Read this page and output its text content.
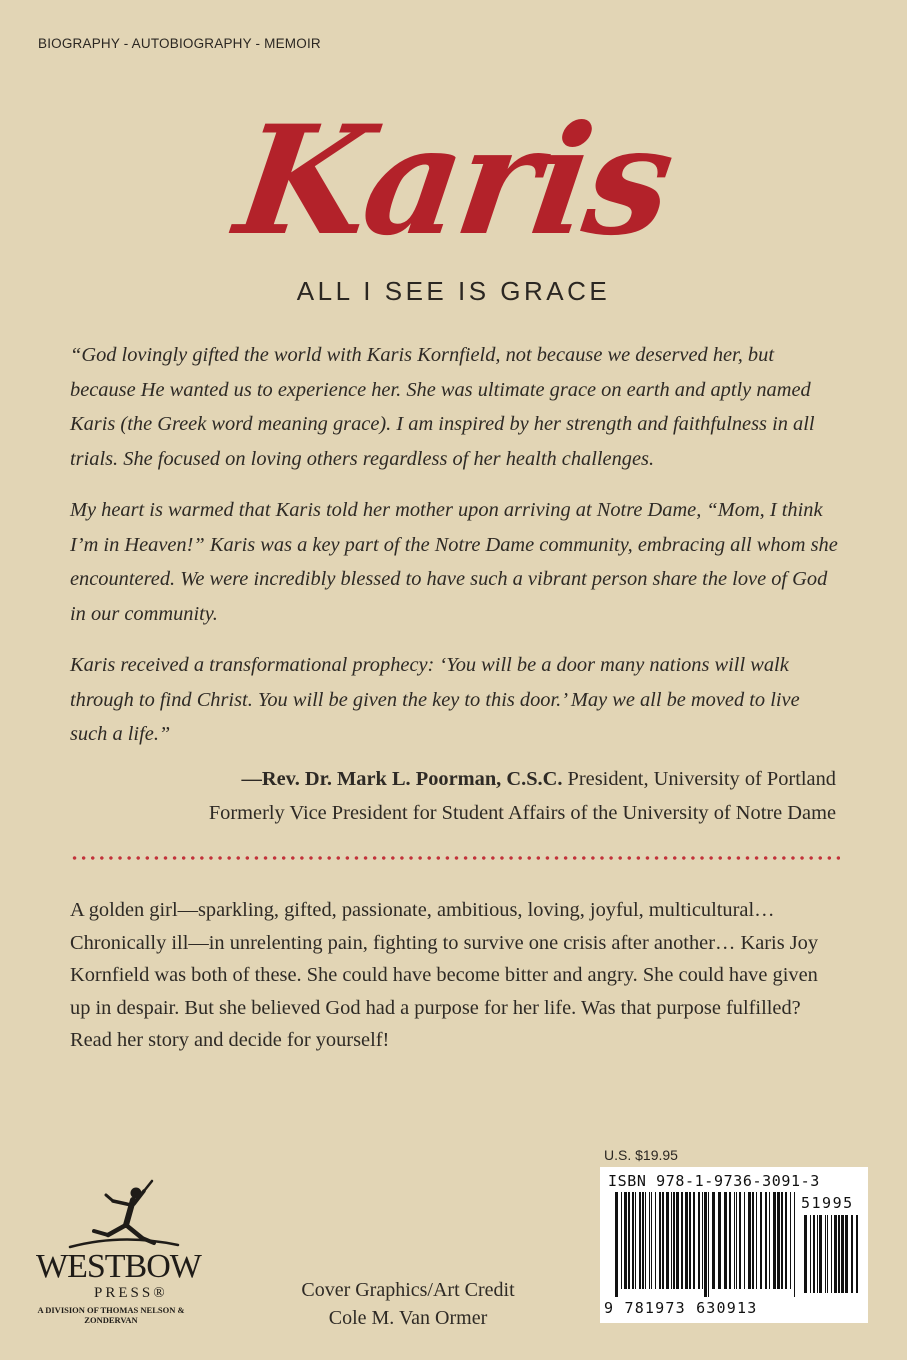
BIOGRAPHY - AUTOBIOGRAPHY - MEMOIR
Karis
ALL I SEE IS GRACE

“God lovingly gifted the world with Karis Kornfield, not because we deserved her, but because He wanted us to experience her. She was ultimate grace on earth and aptly named Karis (the Greek word meaning grace). I am inspired by her strength and faithfulness in all trials. She focused on loving others regardless of her health challenges.

My heart is warmed that Karis told her mother upon arriving at Notre Dame, “Mom, I think I’m in Heaven!” Karis was a key part of the Notre Dame community, embracing all whom she encountered. We were incredibly blessed to have such a vibrant person share the love of God in our community.

Karis received a transformational prophecy: ‘You will be a door many nations will walk through to find Christ. You will be given the key to this door.’ May we all be moved to live such a life.”

—Rev. Dr. Mark L. Poorman, C.S.C. President, University of Portland
Formerly Vice President for Student Affairs of the University of Notre Dame
A golden girl—sparkling, gifted, passionate, ambitious, loving, joyful, multicultural… Chronically ill—in unrelenting pain, fighting to survive one crisis after another… Karis Joy Kornfield was both of these. She could have become bitter and angry. She could have given up in despair. But she believed God had a purpose for her life. Was that purpose fulfilled? Read her story and decide for yourself!
U.S. $19.95
ISBN 978-1-9736-3091-3
51995
9 781973 630913
WESTBOW
PRESS®
A DIVISION OF THOMAS NELSON & ZONDERVAN
Cover Graphics/Art Credit
Cole M. Van Ormer
